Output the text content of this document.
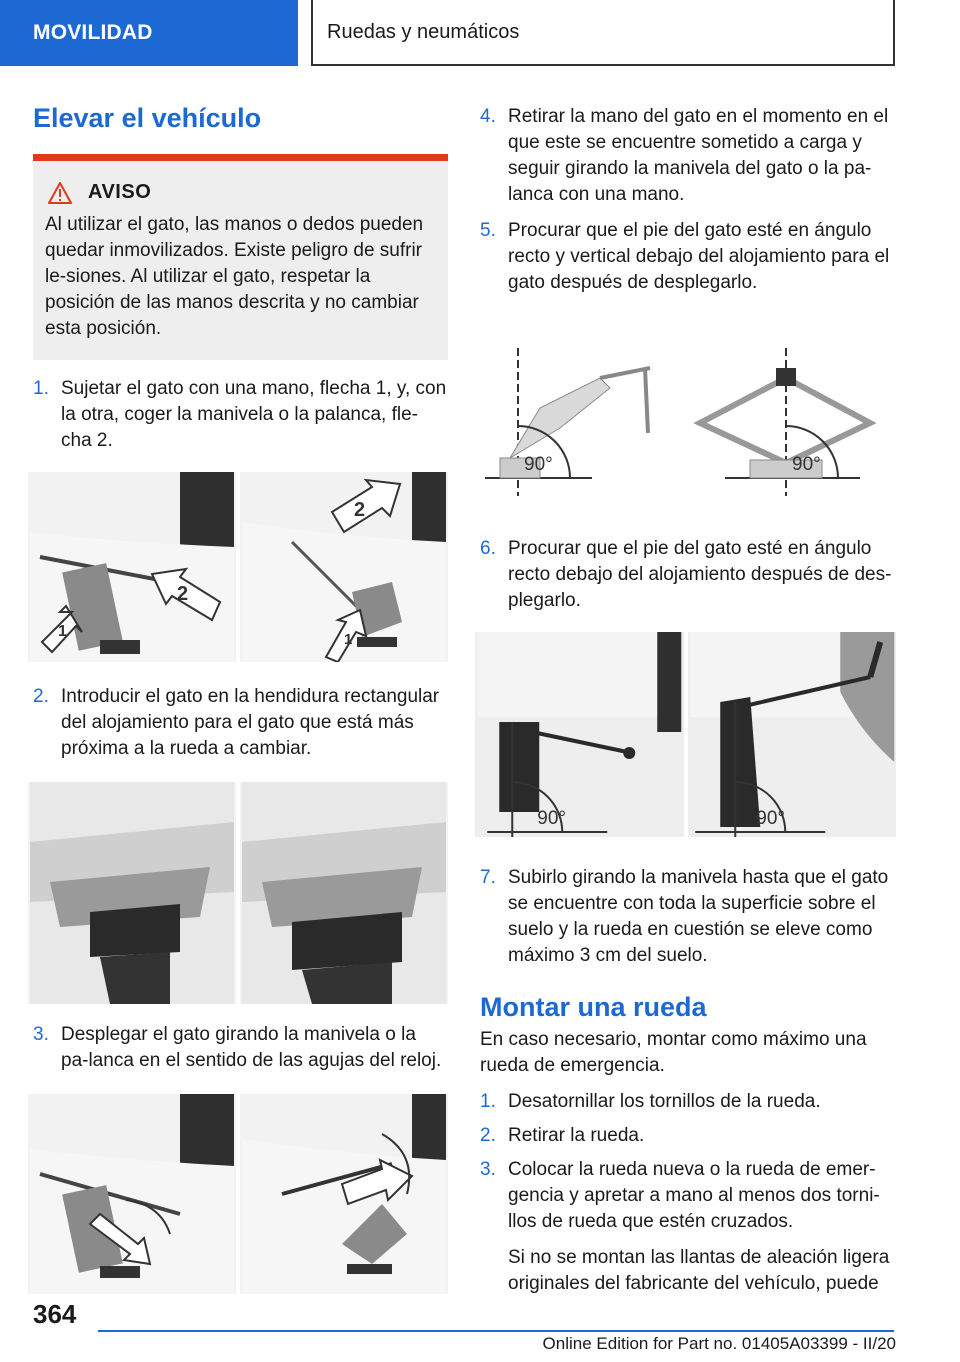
MOVILIDAD	Ruedas y neumáticos
Elevar el vehículo
AVISO
Al utilizar el gato, las manos o dedos pueden quedar inmovilizados. Existe peligro de sufrir le-siones. Al utilizar el gato, respetar la posición de las manos descrita y no cambiar esta posición.
1. Sujetar el gato con una mano, flecha 1, y, con la otra, coger la manivela o la palanca, fle-cha 2.
1
2
2
1
2. Introducir el gato en la hendidura rectangular del alojamiento para el gato que está más próxima a la rueda a cambiar.
3. Desplegar el gato girando la manivela o la pa-lanca en el sentido de las agujas del reloj.
4. Retirar la mano del gato en el momento en el que este se encuentre sometido a carga y seguir girando la manivela del gato o la pa-lanca con una mano.
5. Procurar que el pie del gato esté en ángulo recto y vertical debajo del alojamiento para el gato después de desplegarlo.
90°	90°
6. Procurar que el pie del gato esté en ángulo recto debajo del alojamiento después de des-plegarlo.
90°	90°
7. Subirlo girando la manivela hasta que el gato se encuentre con toda la superficie sobre el suelo y la rueda en cuestión se eleve como máximo 3 cm del suelo.
Montar una rueda

En caso necesario, montar como máximo una rueda de emergencia.

1. Desatornillar los tornillos de la rueda.
2. Retirar la rueda.
3. Colocar la rueda nueva o la rueda de emer-gencia y apretar a mano al menos dos torni-llos de rueda que estén cruzados.

Si no se montan las llantas de aleación ligera originales del fabricante del vehículo, puede

364
Online Edition for Part no. 01405A03399 - II/20
